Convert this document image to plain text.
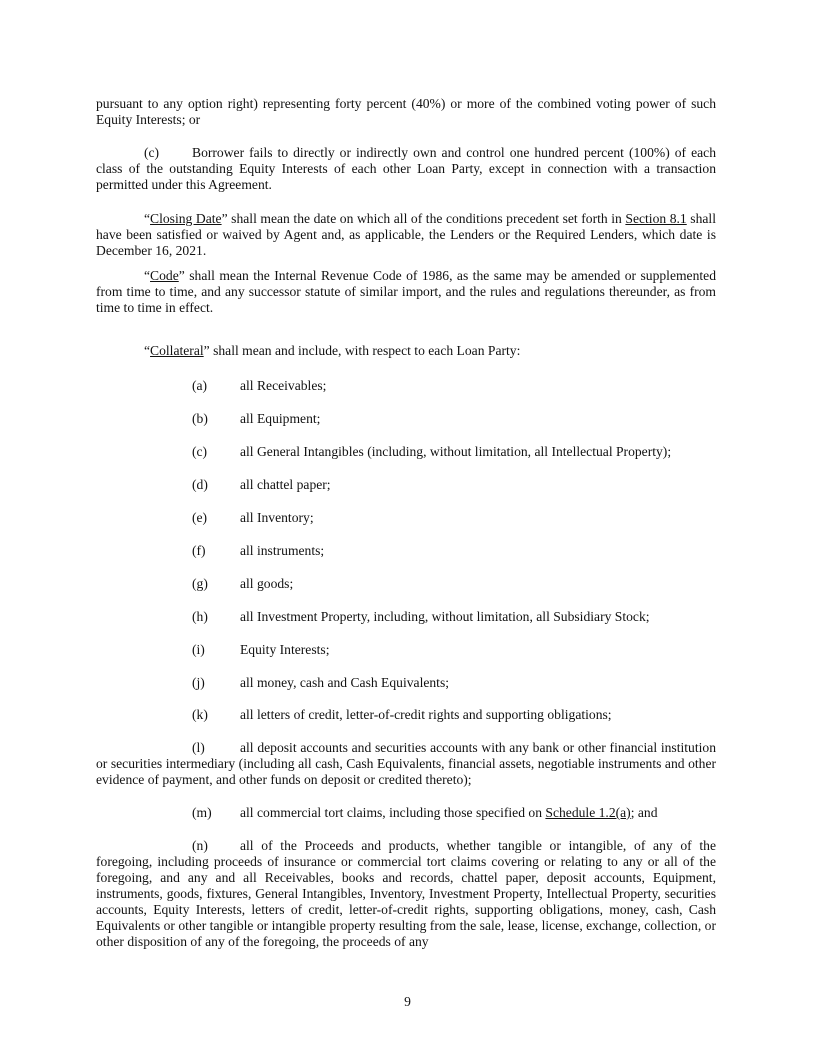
pursuant to any option right) representing forty percent (40%) or more of the combined voting power of such Equity Interests; or

(c) Borrower fails to directly or indirectly own and control one hundred percent (100%) of each class of the outstanding Equity Interests of each other Loan Party, except in connection with a transaction permitted under this Agreement.

“Closing Date” shall mean the date on which all of the conditions precedent set forth in Section 8.1 shall have been satisfied or waived by Agent and, as applicable, the Lenders or the Required Lenders, which date is December 16, 2021.

“Code” shall mean the Internal Revenue Code of 1986, as the same may be amended or supplemented from time to time, and any successor statute of similar import, and the rules and regulations thereunder, as from time to time in effect.

“Collateral” shall mean and include, with respect to each Loan Party:

(a) all Receivables;

(b) all Equipment;

(c) all General Intangibles (including, without limitation, all Intellectual Property);

(d) all chattel paper;

(e) all Inventory;

(f)	all instruments;

(g) all goods;

(h) all Investment Property, including, without limitation, all Subsidiary Stock;

(i)	Equity Interests;

(j)	all money, cash and Cash Equivalents;

(k) all letters of credit, letter-of-credit rights and supporting obligations;

(l)	all deposit accounts and securities accounts with any bank or other financial institution or securities intermediary (including all cash, Cash Equivalents, financial assets, negotiable instruments and other evidence of payment, and other funds on deposit or credited thereto);

(m) all commercial tort claims, including those specified on Schedule 1.2(a); and

(n) all of the Proceeds and products, whether tangible or intangible, of any of the foregoing, including proceeds of insurance or commercial tort claims covering or relating to any or all of the foregoing, and any and all Receivables, books and records, chattel paper, deposit accounts, Equipment, instruments, goods, fixtures, General Intangibles, Inventory, Investment Property, Intellectual Property, securities accounts, Equity Interests, letters of credit, letter-of-credit rights, supporting obligations, money, cash, Cash Equivalents or other tangible or intangible property resulting from the sale, lease, license, exchange, collection, or other disposition of any of the foregoing, the proceeds of any

9
